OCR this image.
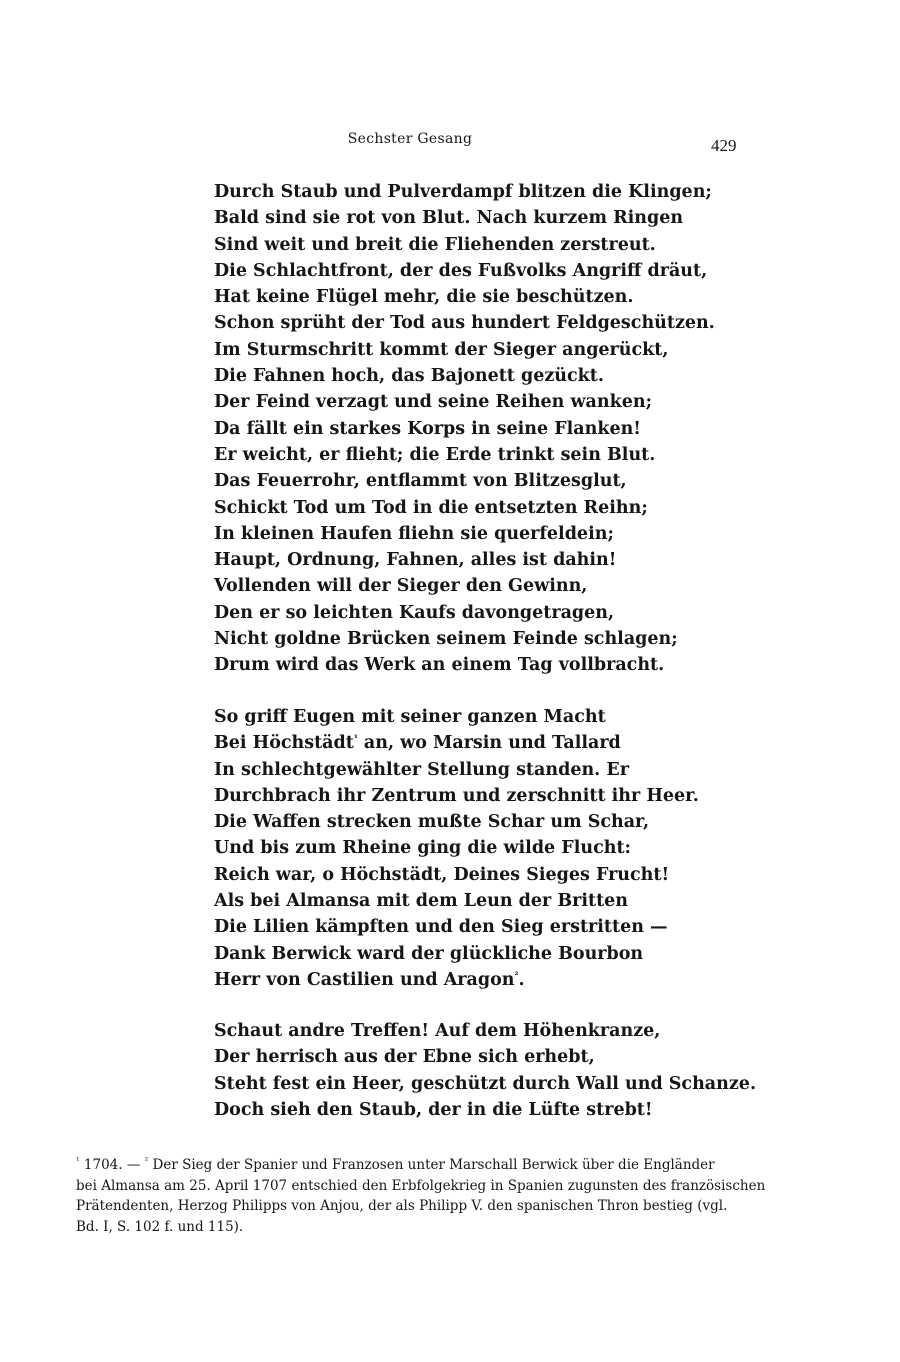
Sechster Gesang	429
Durch Staub und Pulverdampf blitzen die Klingen;
Bald sind sie rot von Blut. Nach kurzem Ringen
Sind weit und breit die Fliehenden zerstreut.
Die Schlachtfront, der des Fußvolks Angriff dräut,
Hat keine Flügel mehr, die sie beschützen.
Schon sprüht der Tod aus hundert Feldgeschützen.
Im Sturmschritt kommt der Sieger angerückt,
Die Fahnen hoch, das Bajonett gezückt.
Der Feind verzagt und seine Reihen wanken;
Da fällt ein starkes Korps in seine Flanken!
Er weicht, er flieht; die Erde trinkt sein Blut.
Das Feuerrohr, entflammt von Blitzesglut,
Schickt Tod um Tod in die entsetzten Reihn;
In kleinen Haufen fliehn sie querfeldein;
Haupt, Ordnung, Fahnen, alles ist dahin!
Vollenden will der Sieger den Gewinn,
Den er so leichten Kaufs davongetragen,
Nicht goldne Brücken seinem Feinde schlagen;
Drum wird das Werk an einem Tag vollbracht.
So griff Eugen mit seiner ganzen Macht
Bei Höchstädt$^{^1}$ an, wo Marsin und Tallard
In schlechtgewählter Stellung standen. Er
Durchbrach ihr Zentrum und zerschnitt ihr Heer.
Die Waffen strecken mußte Schar um Schar,
Und bis zum Rheine ging die wilde Flucht:
Reich war, o Höchstädt, Deines Sieges Frucht!
Als bei Almansa mit dem Leun der Britten
Die Lilien kämpften und den Sieg erstritten —
Dank Berwick ward der glückliche Bourbon
Herr von Castilien und Aragon$^{^2}$.
Schaut andre Treffen! Auf dem Höhenkranze,
Der herrisch aus der Ebne sich erhebt,
Steht fest ein Heer, geschützt durch Wall und Schanze.
Doch sieh den Staub, der in die Lüfte strebt!

$^{^1}$ 1704. — $^{^2}$ Der Sieg der Spanier und Franzosen unter Marschall Berwick über die Engländer

bei Almansa am 25. April 1707 entschied den Erbfolgekrieg in Spanien zugunsten des französischen

Prätendenten, Herzog Philipps von Anjou, der als Philipp V. den spanischen Thron bestieg (vgl.

Bd. I, S. 102 f. und 115).
